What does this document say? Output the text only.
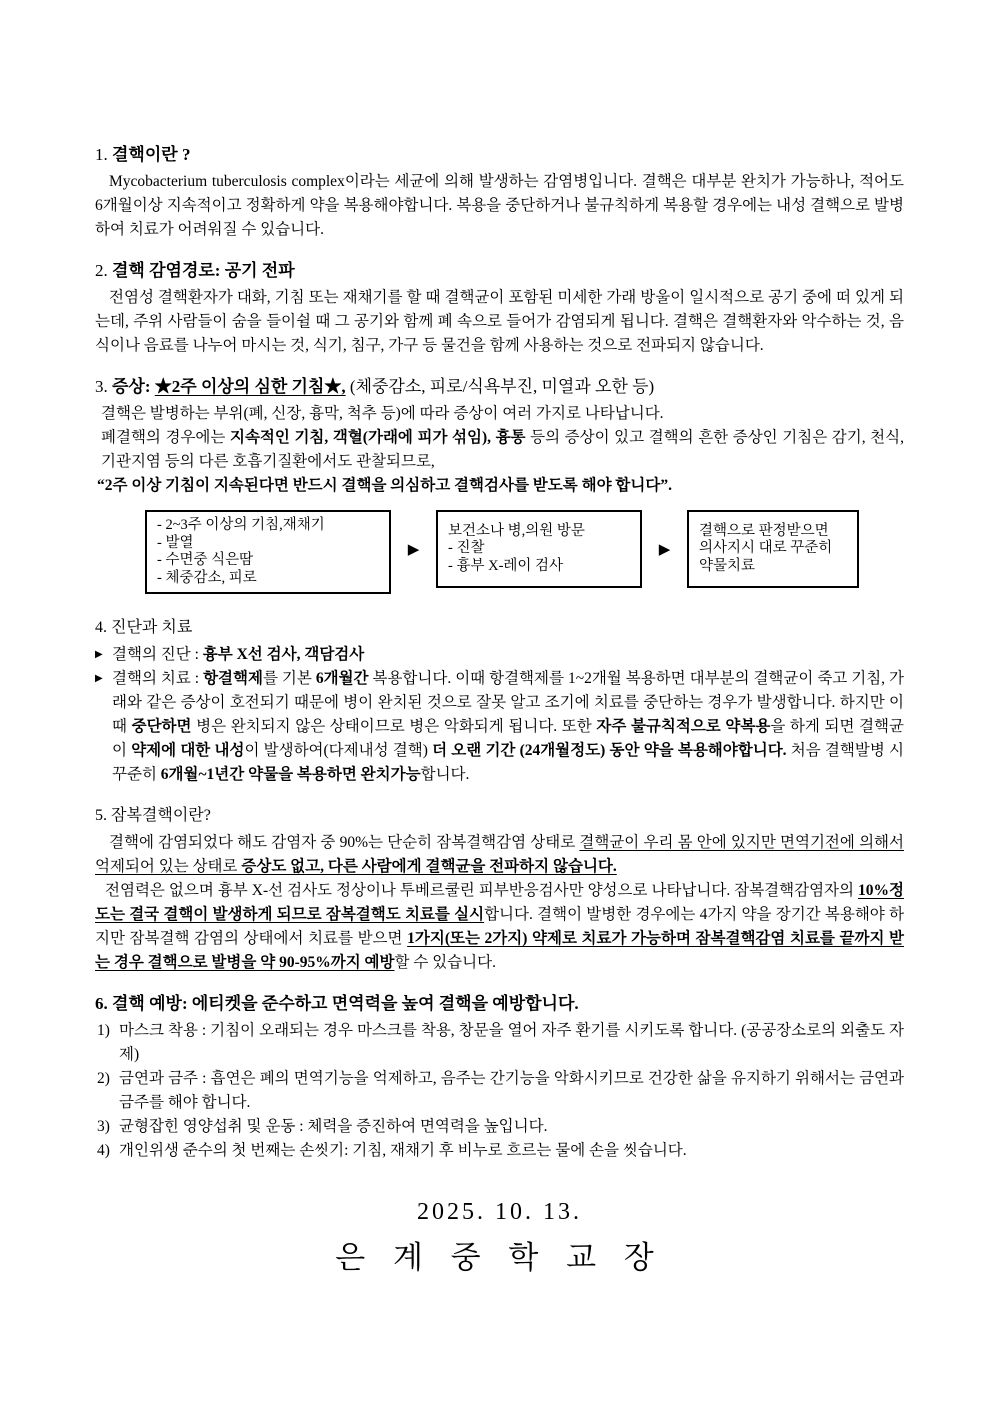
1. 결핵이란 ?
Mycobacterium tuberculosis complex이라는 세균에 의해 발생하는 감염병입니다. 결핵은 대부분 완치가 가능하나, 적어도 6개월이상 지속적이고 정확하게 약을 복용해야합니다. 복용을 중단하거나 불규칙하게 복용할 경우에는 내성 결핵으로 발병하여 치료가 어려워질 수 있습니다.
2. 결핵 감염경로: 공기 전파
전염성 결핵환자가 대화, 기침 또는 재채기를 할 때 결핵균이 포함된 미세한 가래 방울이 일시적으로 공기 중에 떠 있게 되는데, 주위 사람들이 숨을 들이쉴 때 그 공기와 함께 폐 속으로 들어가 감염되게 됩니다. 결핵은 결핵환자와 악수하는 것, 음식이나 음료를 나누어 마시는 것, 식기, 침구, 가구 등 물건을 함께 사용하는 것으로 전파되지 않습니다.
3. 증상: ★2주 이상의 심한 기침★, (체중감소, 피로/식욕부진, 미열과 오한 등)
결핵은 발병하는 부위(폐, 신장, 흉막, 척추 등)에 따라 증상이 여러 가지로 나타납니다.
폐결핵의 경우에는 지속적인 기침, 객혈(가래에 피가 섞임), 흉통 등의 증상이 있고 결핵의 흔한 증상인 기침은 감기, 천식, 기관지염 등의 다른 호흡기질환에서도 관찰되므로,
“2주 이상 기침이 지속된다면 반드시 결핵을 의심하고 결핵검사를 받도록 해야 합니다”.
- 2~3주 이상의 기침,재채기
- 발열
- 수면중 식은땀
- 체중감소, 피로
▶
보건소나 병,의원 방문
- 진찰
- 흉부 X-레이 검사
▶
결핵으로 판정받으면
의사지시 대로 꾸준히
약물치료
4. 진단과 치료
▶ 결핵의 진단 : 흉부 X선 검사, 객담검사
▶ 결핵의 치료 : 항결핵제를 기본 6개월간 복용합니다. 이때 항결핵제를 1~2개월 복용하면 대부분의 결핵균이 죽고 기침, 가래와 같은 증상이 호전되기 때문에 병이 완치된 것으로 잘못 알고 조기에 치료를 중단하는 경우가 발생합니다. 하지만 이때 중단하면 병은 완치되지 않은 상태이므로 병은 악화되게 됩니다. 또한 자주 불규칙적으로 약복용을 하게 되면 결핵균이 약제에 대한 내성이 발생하여(다제내성 결핵) 더 오랜 기간 (24개월정도) 동안 약을 복용해야합니다. 처음 결핵발병 시 꾸준히 6개월~1년간 약물을 복용하면 완치가능합니다.
5. 잠복결핵이란?
결핵에 감염되었다 해도 감염자 중 90%는 단순히 잠복결핵감염 상태로 결핵균이 우리 몸 안에 있지만 면역기전에 의해서 억제되어 있는 상태로 증상도 없고, 다른 사람에게 결핵균을 전파하지 않습니다.
전염력은 없으며 흉부 X-선 검사도 정상이나 투베르쿨린 피부반응검사만 양성으로 나타납니다. 잠복결핵감염자의 10%정도는 결국 결핵이 발생하게 되므로 잠복결핵도 치료를 실시합니다. 결핵이 발병한 경우에는 4가지 약을 장기간 복용해야 하지만 잠복결핵 감염의 상태에서 치료를 받으면 1가지(또는 2가지) 약제로 치료가 가능하며 잠복결핵감염 치료를 끝까지 받는 경우 결핵으로 발병을 약 90-95%까지 예방할 수 있습니다.
6. 결핵 예방: 에티켓을 준수하고 면역력을 높여 결핵을 예방합니다.
1) 마스크 착용 : 기침이 오래되는 경우 마스크를 착용, 창문을 열어 자주 환기를 시키도록 합니다. (공공장소로의 외출도 자제)
2) 금연과 금주 : 흡연은 폐의 면역기능을 억제하고, 음주는 간기능을 악화시키므로 건강한 삶을 유지하기 위해서는 금연과 금주를 해야 합니다.
3) 균형잡힌 영양섭취 및 운동 : 체력을 증진하여 면역력을 높입니다.
4) 개인위생 준수의 첫 번째는 손씻기: 기침, 재채기 후 비누로 흐르는 물에 손을 씻습니다.
2025. 10. 13.
은 계 중 학 교 장
